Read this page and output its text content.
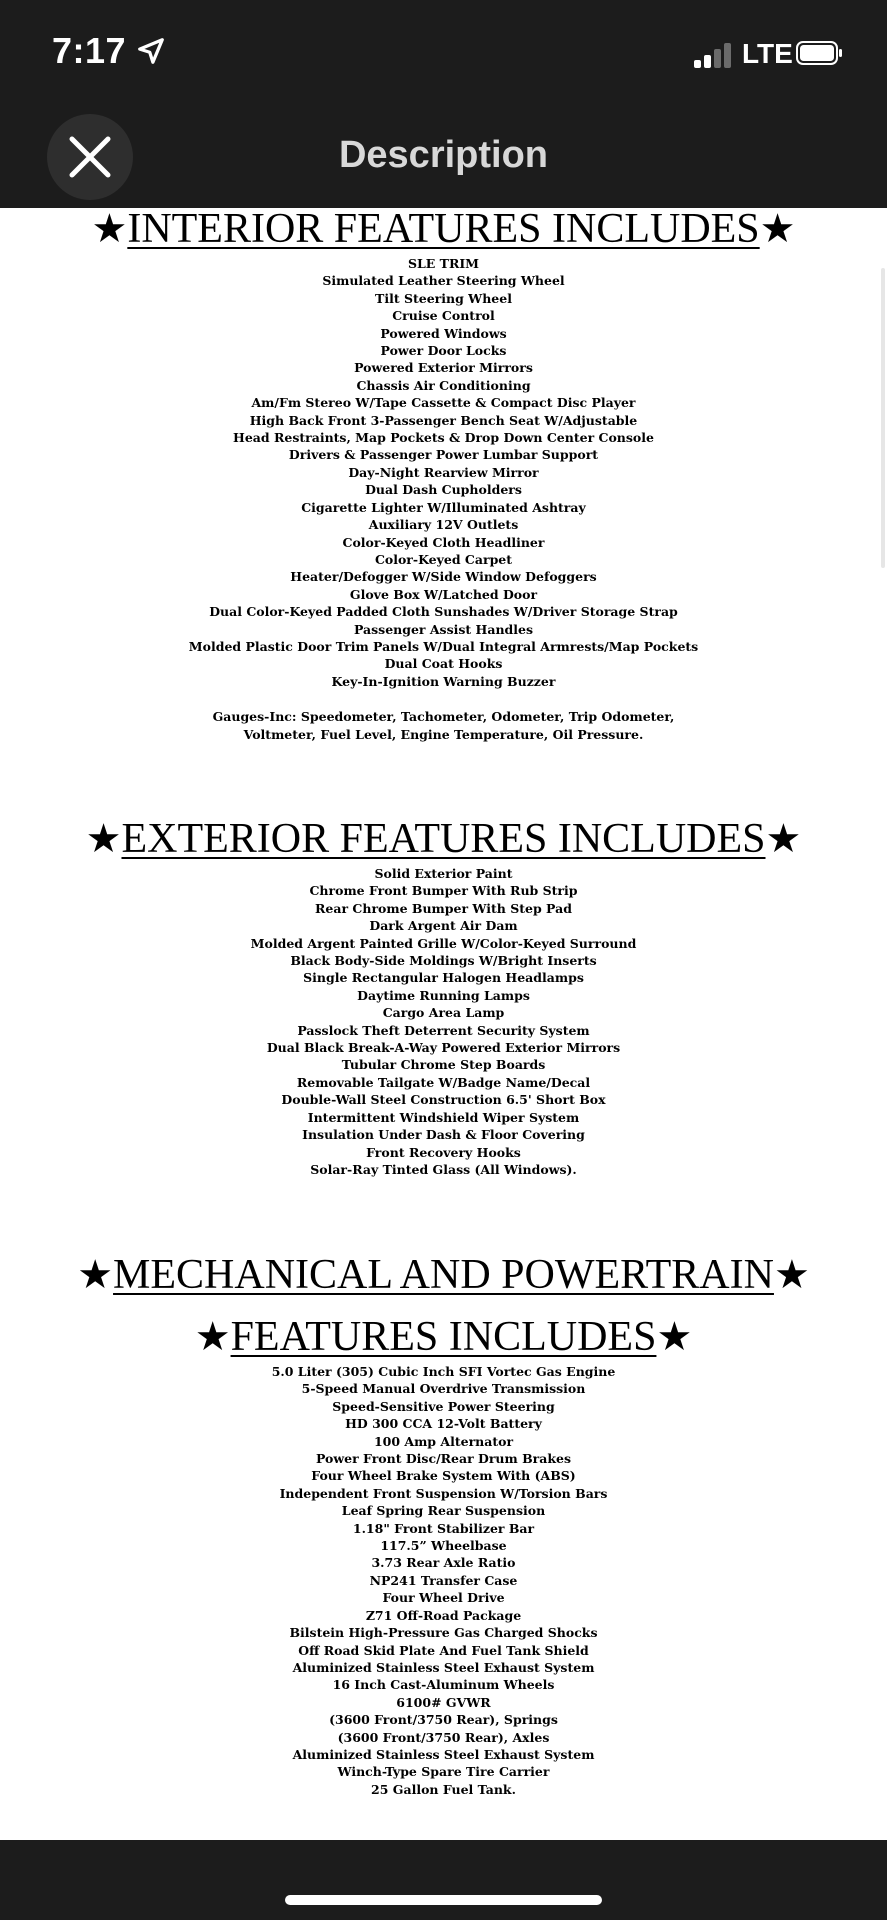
7:17	LTE
Description
★INTERIOR FEATURES INCLUDES★
SLE TRIM
Simulated Leather Steering Wheel
Tilt Steering Wheel
Cruise Control
Powered Windows
Power Door Locks
Powered Exterior Mirrors
Chassis Air Conditioning
Am/Fm Stereo W/Tape Cassette & Compact Disc Player
High Back Front 3-Passenger Bench Seat W/Adjustable
Head Restraints, Map Pockets & Drop Down Center Console
Drivers & Passenger Power Lumbar Support
Day-Night Rearview Mirror
Dual Dash Cupholders
Cigarette Lighter W/Illuminated Ashtray
Auxiliary 12V Outlets
Color-Keyed Cloth Headliner
Color-Keyed Carpet
Heater/Defogger W/Side Window Defoggers
Glove Box W/Latched Door
Dual Color-Keyed Padded Cloth Sunshades W/Driver Storage Strap
Passenger Assist Handles
Molded Plastic Door Trim Panels W/Dual Integral Armrests/Map Pockets
Dual Coat Hooks
Key-In-Ignition Warning Buzzer
Gauges-Inc: Speedometer, Tachometer, Odometer, Trip Odometer,
Voltmeter, Fuel Level, Engine Temperature, Oil Pressure.
★EXTERIOR FEATURES INCLUDES★
Solid Exterior Paint
Chrome Front Bumper With Rub Strip
Rear Chrome Bumper With Step Pad
Dark Argent Air Dam
Molded Argent Painted Grille W/Color-Keyed Surround
Black Body-Side Moldings W/Bright Inserts
Single Rectangular Halogen Headlamps
Daytime Running Lamps
Cargo Area Lamp
Passlock Theft Deterrent Security System
Dual Black Break-A-Way Powered Exterior Mirrors
Tubular Chrome Step Boards
Removable Tailgate W/Badge Name/Decal
Double-Wall Steel Construction 6.5' Short Box
Intermittent Windshield Wiper System
Insulation Under Dash & Floor Covering
Front Recovery Hooks
Solar-Ray Tinted Glass (All Windows).
★MECHANICAL AND POWERTRAIN★
★FEATURES INCLUDES★
5.0 Liter (305) Cubic Inch SFI Vortec Gas Engine
5-Speed Manual Overdrive Transmission
Speed-Sensitive Power Steering
HD 300 CCA 12-Volt Battery
100 Amp Alternator
Power Front Disc/Rear Drum Brakes
Four Wheel Brake System With (ABS)
Independent Front Suspension W/Torsion Bars
Leaf Spring Rear Suspension
1.18" Front Stabilizer Bar
117.5” Wheelbase
3.73 Rear Axle Ratio
NP241 Transfer Case
Four Wheel Drive
Z71 Off-Road Package
Bilstein High-Pressure Gas Charged Shocks
Off Road Skid Plate And Fuel Tank Shield
Aluminized Stainless Steel Exhaust System
16 Inch Cast-Aluminum Wheels
6100# GVWR
(3600 Front/3750 Rear), Springs
(3600 Front/3750 Rear), Axles
Aluminized Stainless Steel Exhaust System
Winch-Type Spare Tire Carrier
25 Gallon Fuel Tank.
